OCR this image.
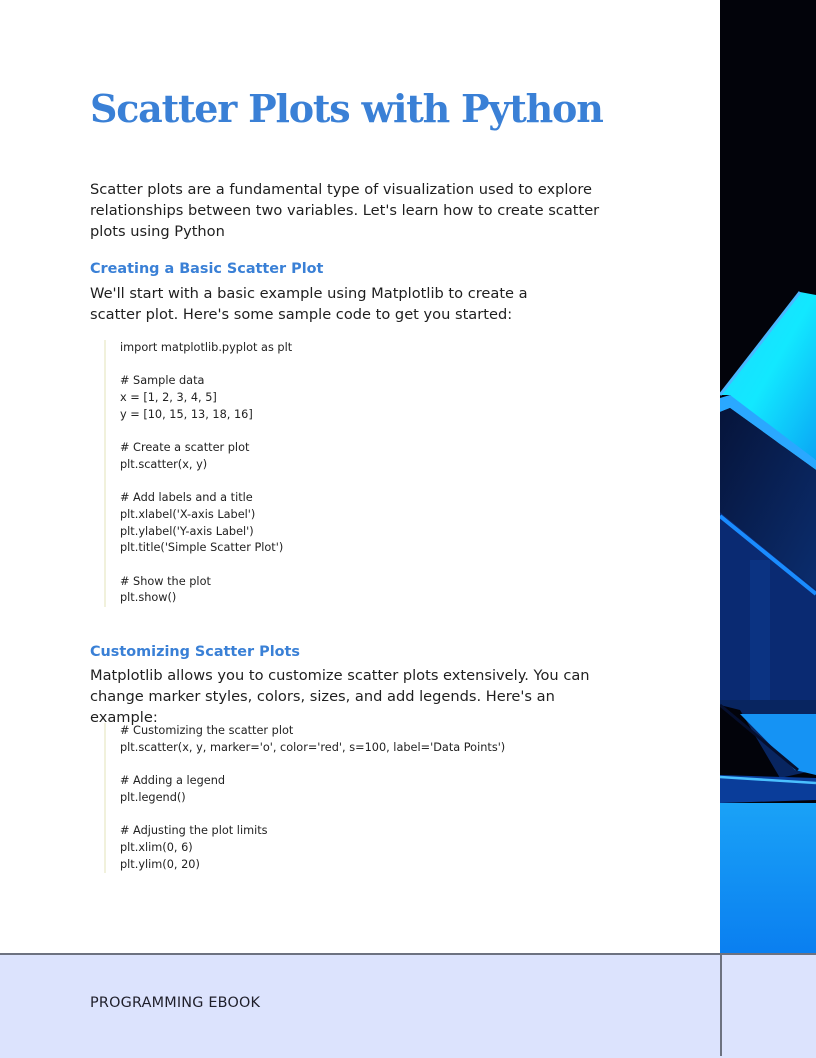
Scatter Plots with Python

Scatter plots are a fundamental type of visualization used to explore relationships between two variables. Let's learn how to create scatter plots using Python

Creating a Basic Scatter Plot

We'll start with a basic example using Matplotlib to create a scatter plot. Here's some sample code to get you started:

import matplotlib.pyplot as plt
# Sample data
x = [1, 2, 3, 4, 5]
y = [10, 15, 13, 18, 16]
# Create a scatter plot
plt.scatter(x, y)
# Add labels and a title
plt.xlabel('X-axis Label')
plt.ylabel('Y-axis Label')
plt.title('Simple Scatter Plot')
# Show the plot
plt.show()
Customizing Scatter Plots

Matplotlib allows you to customize scatter plots extensively. You can change marker styles, colors, sizes, and add legends. Here's an example:

# Customizing the scatter plot
plt.scatter(x, y, marker='o', color='red', s=100, label='Data Points')
# Adding a legend
plt.legend()
# Adjusting the plot limits
plt.xlim(0, 6)
plt.ylim(0, 20)

PROGRAMMING EBOOK
